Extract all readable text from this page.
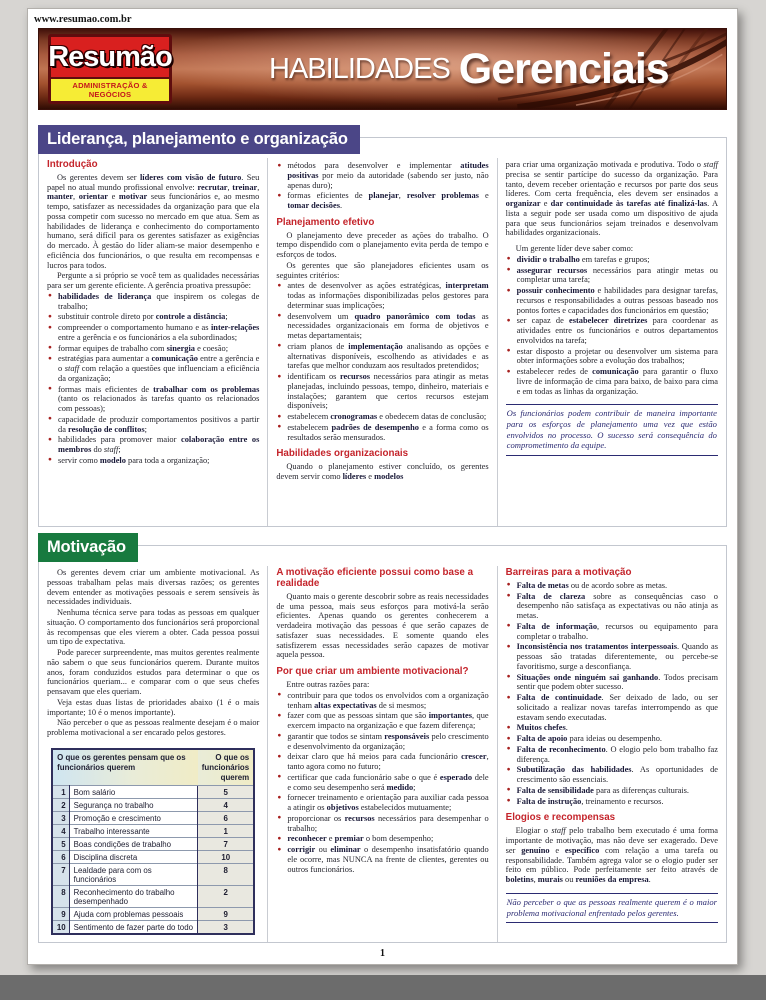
www.resumao.com.br
Resumão
ADMINISTRAÇÃO & NEGÓCIOS
HABILIDADES Gerenciais
Liderança, planejamento e organização
Introdução
Os gerentes devem ser líderes com visão de futuro. Seu papel no atual mundo profissional envolve: recrutar, treinar, manter, orientar e motivar seus funcionários e, ao mesmo tempo, satisfazer as necessidades da organização para que ela possa competir com sucesso no mercado em que atua. Sem as habilidades de liderança e conhecimento do comportamento humano, será difícil para os gerentes satisfazer as exigências do mercado. À gestão do líder aliam-se maior desempenho e eficiência dos funcionários, o que resulta em recompensas e lucros para todos.
Pergunte a si próprio se você tem as qualidades necessárias para ser um gerente eficiente. A gerência proativa pressupõe:
● habilidades de liderança que inspirem os colegas de trabalho;
● substituir controle direto por controle a distância;
● compreender o comportamento humano e as inter-relações entre a gerência e os funcionários a ela subordinados;
● formar equipes de trabalho com sinergia e coesão;
● estratégias para aumentar a comunicação entre a gerência e o staff com relação a questões que influenciam a eficiência da organização;
● formas mais eficientes de trabalhar com os problemas (tanto os relacionados às tarefas quanto os relacionados com pessoas);
● capacidade de produzir comportamentos positivos a partir da resolução de conflitos;
● habilidades para promover maior colaboração entre os membros do staff;
● servir como modelo para toda a organização;
● métodos para desenvolver e implementar atitudes positivas por meio da autoridade (sabendo ser justo, não apenas duro);
● formas eficientes de planejar, resolver problemas e tomar decisões.
Planejamento efetivo
O planejamento deve preceder as ações do trabalho. O tempo dispendido com o planejamento evita perda de tempo e esforços de todos.
Os gerentes que são planejadores eficientes usam os seguintes critérios:
● antes de desenvolver as ações estratégicas, interpretam todas as informações disponibilizadas pelos gestores para determinar suas implicações;
● desenvolvem um quadro panorâmico com todas as necessidades organizacionais em forma de objetivos e metas departamentais;
● criam planos de implementação analisando as opções e alternativas disponíveis, escolhendo as atividades e as tarefas que melhor conduzam aos resultados pretendidos;
● identificam os recursos necessários para atingir as metas planejadas, incluindo pessoas, tempo, dinheiro, materiais e instalações; garantem que certos recursos estejam disponíveis;
● estabelecem cronogramas e obedecem datas de conclusão;
● estabelecem padrões de desempenho e a forma como os resultados serão mensurados.
Habilidades organizacionais
Quando o planejamento estiver concluído, os gerentes devem servir como líderes e modelos
para criar uma organização motivada e produtiva. Todo o staff precisa se sentir partícipe do sucesso da organização. Para tanto, devem receber orientação e recursos por parte dos seus líderes. Com certa frequência, eles devem ser ensinados a organizar e dar continuidade às tarefas até finalizá-las. A lista a seguir pode ser usada como um dispositivo de ajuda para que seus funcionários sejam treinados e desenvolvam habilidades organizacionais.
Um gerente líder deve saber como:
● dividir o trabalho em tarefas e grupos;
● assegurar recursos necessários para atingir metas ou completar uma tarefa;
● possuir conhecimento e habilidades para designar tarefas, recursos e responsabilidades a outras pessoas baseado nos pontos fortes e capacidades dos funcionários em questão;
● ser capaz de estabelecer diretrizes para coordenar as atividades entre os funcionários e outros departamentos envolvidos na tarefa;
● estar disposto a projetar ou desenvolver um sistema para obter informações sobre a evolução dos trabalhos;
● estabelecer redes de comunicação para garantir o fluxo livre de informação de cima para baixo, de baixo para cima e em todas as linhas da organização.
Os funcionários podem contribuir de maneira importante para os esforços de planejamento uma vez que estão envolvidos no processo. O sucesso será consequência do comprometimento da equipe.
Motivação
Os gerentes devem criar um ambiente motivacional. As pessoas trabalham pelas mais diversas razões; os gerentes devem entender as motivações pessoais e serem sensíveis às necessidades individuais.
Nenhuma técnica serve para todas as pessoas em qualquer situação. O comportamento dos funcionários será proporcional às recompensas que eles vierem a obter. Cada pessoa possui um tipo de expectativa.
Pode parecer surpreendente, mas muitos gerentes realmente não sabem o que seus funcionários querem. Durante muitos anos, foram conduzidos estudos para determinar o que os funcionários queriam... e comparar com o que seus chefes pensavam que eles queriam.
Veja estas duas listas de prioridades abaixo (1 é o mais importante; 10 é o menos importante).
Não perceber o que as pessoas realmente desejam é o maior problema motivacional a ser encarado pelos gestores.
O que os gerentes pensam que os funcionários querem		O que os funcionários querem
1	Bom salário	5
2	Segurança no trabalho	4
3	Promoção e crescimento	6
4	Trabalho interessante	1
5	Boas condições de trabalho	7
6	Disciplina discreta	10
7	Lealdade para com os funcionários	8
8	Reconhecimento do trabalho desempenhado	2
9	Ajuda com problemas pessoais	9
10	Sentimento de fazer parte do todo	3
A motivação eficiente possui como base a realidade
Quanto mais o gerente descobrir sobre as reais necessidades de uma pessoa, mais seus esforços para motivá-la serão eficientes. Apenas quando os gerentes conhecerem a verdadeira motivação das pessoas é que serão capazes de satisfazer suas necessidades. E somente quando eles satisfizerem essas necessidades serão capazes de motivar aquela pessoa.
Por que criar um ambiente motivacional?
Entre outras razões para:
● contribuir para que todos os envolvidos com a organização tenham altas expectativas de si mesmos;
● fazer com que as pessoas sintam que são importantes, que exercem impacto na organização e que fazem diferença;
● garantir que todos se sintam responsáveis pelo crescimento e desenvolvimento da organização;
● deixar claro que há meios para cada funcionário crescer, tanto agora como no futuro;
● certificar que cada funcionário sabe o que é esperado dele e como seu desempenho será medido;
● fornecer treinamento e orientação para auxiliar cada pessoa a atingir os objetivos estabelecidos mutuamente;
● proporcionar os recursos necessários para desempenhar o trabalho;
● reconhecer e premiar o bom desempenho;
● corrigir ou eliminar o desempenho insatisfatório quando ele ocorre, mas NUNCA na frente de clientes, gerentes ou outros funcionários.
Barreiras para a motivação
● Falta de metas ou de acordo sobre as metas.
● Falta de clareza sobre as consequências caso o desempenho não satisfaça as expectativas ou não atinja as metas.
● Falta de informação, recursos ou equipamento para completar o trabalho.
● Inconsistência nos tratamentos interpessoais. Quando as pessoas são tratadas diferentemente, ou percebe-se favoritismo, surge a desconfiança.
● Situações onde ninguém sai ganhando. Todos precisam sentir que podem obter sucesso.
● Falta de continuidade. Ser deixado de lado, ou ser solicitado a realizar novas tarefas interrompendo as que estavam sendo executadas.
● Muitos chefes.
● Falta de apoio para ideias ou desempenho.
● Falta de reconhecimento. O elogio pelo bom trabalho faz diferença.
● Subutilização das habilidades. As oportunidades de crescimento são essenciais.
● Falta de sensibilidade para as diferenças culturais.
● Falta de instrução, treinamento e recursos.
Elogios e recompensas
Elogiar o staff pelo trabalho bem executado é uma forma importante de motivação, mas não deve ser exagerado. Deve ser genuíno e específico com relação a uma tarefa ou responsabilidade. Também agrega valor se o elogio puder ser feito em público. Pode perfeitamente ser feito através de boletins, murais ou reuniões da empresa.
Não perceber o que as pessoas realmente querem é o maior problema motivacional enfrentado pelos gerentes.
1
